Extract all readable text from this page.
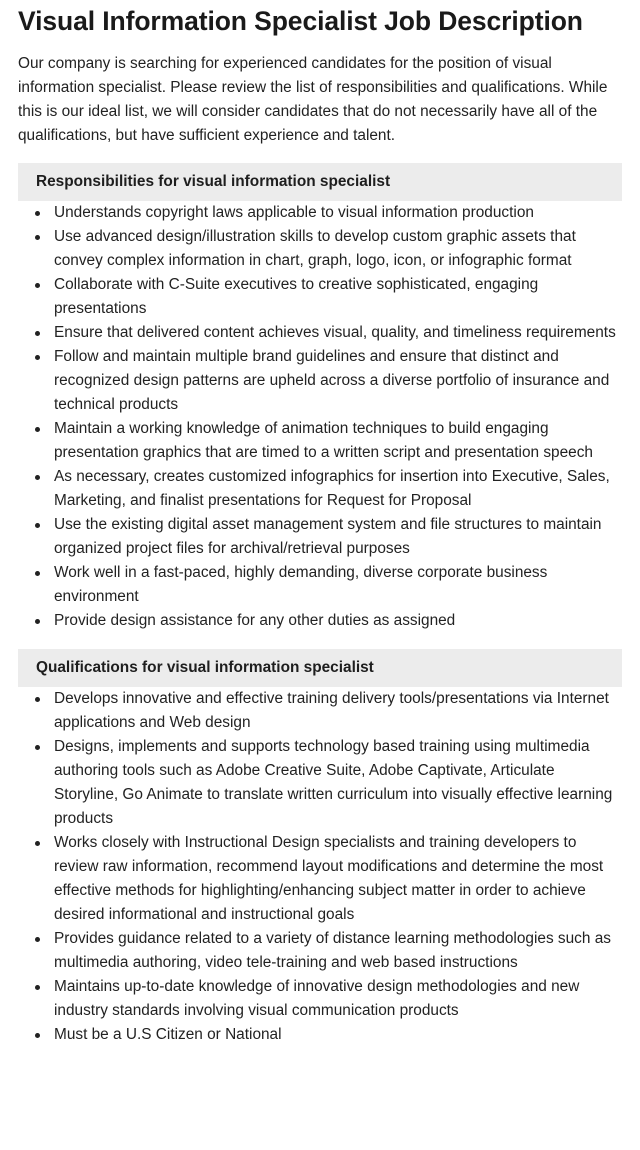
Visual Information Specialist Job Description

Our company is searching for experienced candidates for the position of visual information specialist. Please review the list of responsibilities and qualifications. While this is our ideal list, we will consider candidates that do not necessarily have all of the qualifications, but have sufficient experience and talent.

Responsibilities for visual information specialist
Understands copyright laws applicable to visual information production
Use advanced design/illustration skills to develop custom graphic assets that convey complex information in chart, graph, logo, icon, or infographic format
Collaborate with C-Suite executives to creative sophisticated, engaging presentations
Ensure that delivered content achieves visual, quality, and timeliness requirements
Follow and maintain multiple brand guidelines and ensure that distinct and recognized design patterns are upheld across a diverse portfolio of insurance and technical products
Maintain a working knowledge of animation techniques to build engaging presentation graphics that are timed to a written script and presentation speech
As necessary, creates customized infographics for insertion into Executive, Sales, Marketing, and finalist presentations for Request for Proposal
Use the existing digital asset management system and file structures to maintain organized project files for archival/retrieval purposes
Work well in a fast-paced, highly demanding, diverse corporate business environment
Provide design assistance for any other duties as assigned
Qualifications for visual information specialist
Develops innovative and effective training delivery tools/presentations via Internet applications and Web design
Designs, implements and supports technology based training using multimedia authoring tools such as Adobe Creative Suite, Adobe Captivate, Articulate Storyline, Go Animate to translate written curriculum into visually effective learning products
Works closely with Instructional Design specialists and training developers to review raw information, recommend layout modifications and determine the most effective methods for highlighting/enhancing subject matter in order to achieve desired informational and instructional goals
Provides guidance related to a variety of distance learning methodologies such as multimedia authoring, video tele-training and web based instructions
Maintains up-to-date knowledge of innovative design methodologies and new industry standards involving visual communication products
Must be a U.S Citizen or National
